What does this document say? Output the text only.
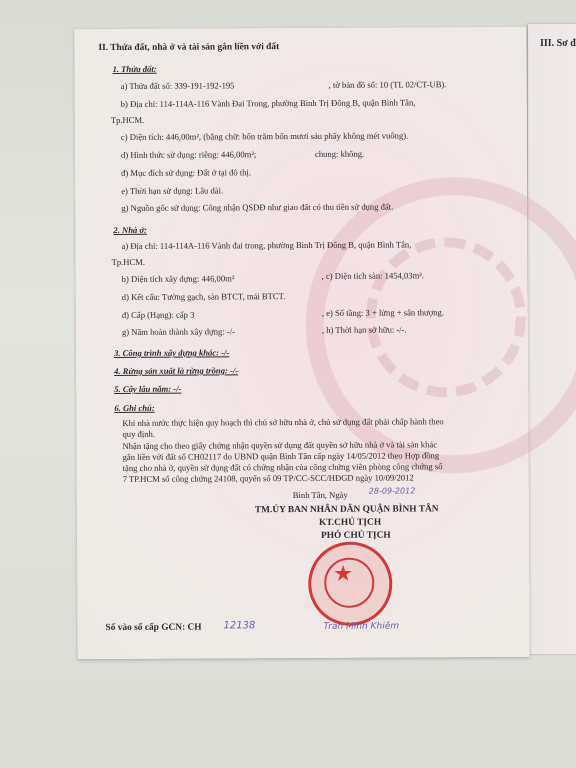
III. Sơ đ
II. Thửa đất, nhà ở và tài sản gắn liền với đất
1. Thửa đất:
a) Thửa đất số: 339-191-192-195	, tờ bản đồ số: 10 (TL 02/CT-UB).
b) Địa chỉ: 114-114A-116 Vành Đai Trong, phường Bình Trị Đông B, quận Bình Tân,
Tp.HCM.
c) Diện tích: 446,00m², (bằng chữ: bốn trăm bốn mươi sáu phẩy không mét vuông).
d) Hình thức sử dụng: riêng: 446,00m²;	chung: không.
đ) Mục đích sử dụng: Đất ở tại đô thị.
e) Thời hạn sử dụng: Lâu dài.
g) Nguồn gốc sử dụng: Công nhận QSDĐ như giao đất có thu tiền sử dụng đất.
2. Nhà ở:
a) Địa chỉ: 114-114A-116 Vành đai trong, phường Bình Trị Đông B, quận Bình Tân,
Tp.HCM.
b) Diện tích xây dựng: 446,00m²	, c) Diện tích sàn: 1454,03m².
d) Kết cấu: Tường gạch, sàn BTCT, mái BTCT.
đ) Cấp (Hạng): cấp 3	, e) Số tầng: 3 + lửng + sân thượng.
g) Năm hoàn thành xây dựng: -/-	, h) Thời hạn sở hữu: -/-.
3. Công trình xây dựng khác: -/-
4. Rừng sản xuất là rừng trồng: -/-
5. Cây lâu năm: -/-
6. Ghi chú:
Khi nhà nước thực hiện quy hoạch thì chủ sở hữu nhà ở, chủ sử dụng đất phải chấp hành theo
quy định.
Nhận tặng cho theo giấy chứng nhận quyền sử dụng đất quyền sở hữu nhà ở và tài sản khác
gắn liền với đất số CH02117 do UBND quận Bình Tân cấp ngày 14/05/2012 theo Hợp đồng
tặng cho nhà ở, quyền sử dụng đất có chứng nhận của công chứng viên phòng công chứng số
7 TP.HCM số công chứng 24108, quyển số 09 TP/CC-SCC/HĐGD ngày 10/09/2012
Bình Tân, Ngày	28-09-2012
TM.ỦY BAN NHÂN DÂN QUẬN BÌNH TÂN
KT.CHỦ TỊCH
PHÓ CHỦ TỊCH
★
Trần Minh Khiêm
Số vào sổ cấp GCN: CH 12138
